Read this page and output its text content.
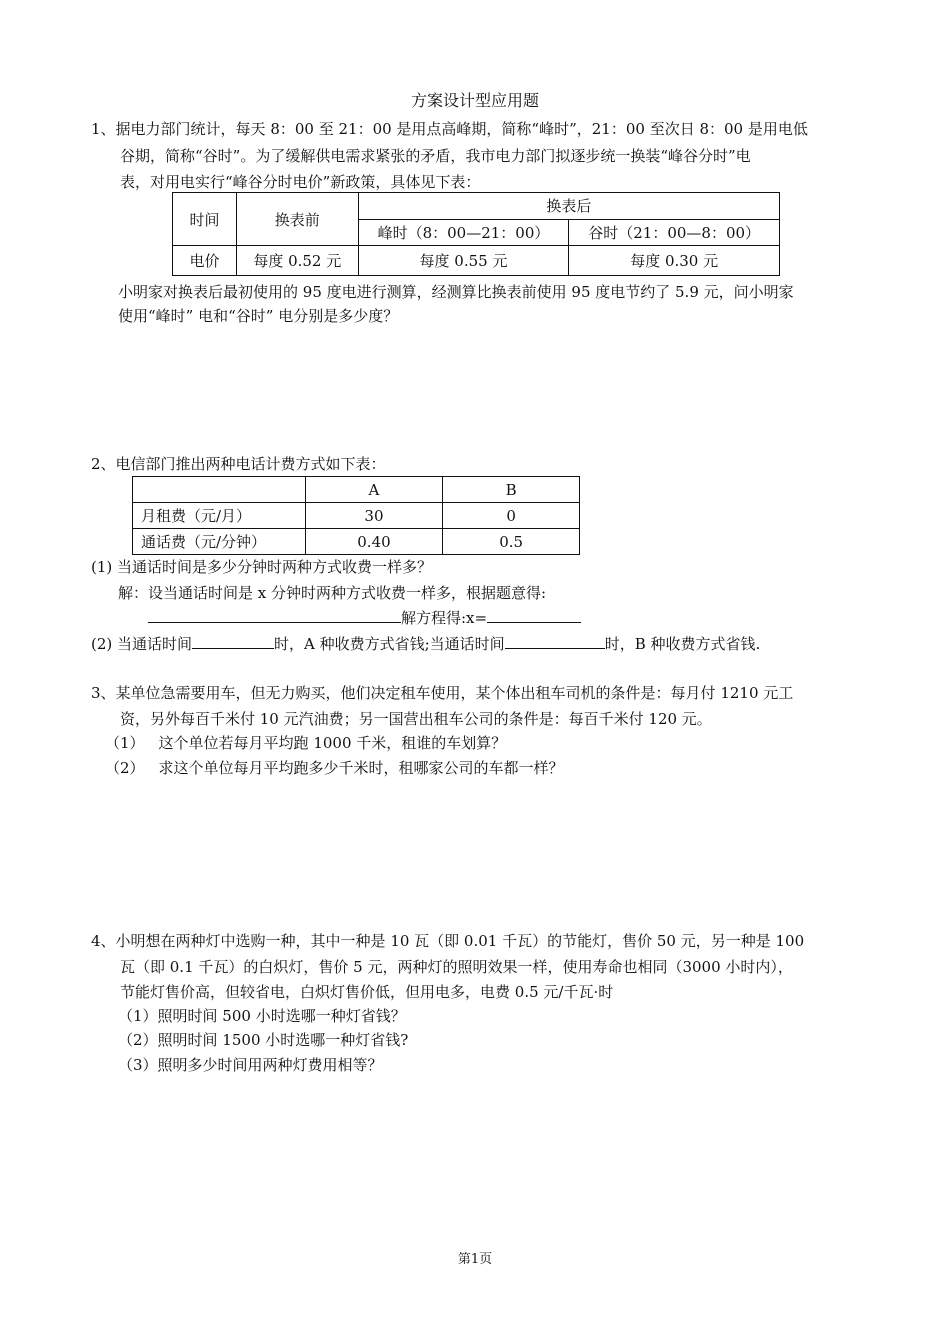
方案设计型应用题
1、据电力部门统计，每天 8：00 至 21：00 是用点高峰期，简称“峰时”，21：00 至次日 8：00 是用电低
谷期，简称“谷时”。为了缓解供电需求紧张的矛盾，我市电力部门拟逐步统一换装“峰谷分时”电
表，对用电实行“峰谷分时电价”新政策，具体见下表：
时间	换表前	换表后	
		峰时（8：00—21：00）	谷时（21：00—8：00）
电价	每度 0.52 元	每度 0.55 元	每度 0.30 元
小明家对换表后最初使用的 95 度电进行测算，经测算比换表前使用 95 度电节约了 5.9 元，问小明家
使用“峰时” 电和“谷时” 电分别是多少度？
2、电信部门推出两种电话计费方式如下表：
	A	B
月租费（元/月）	30	0
通话费（元/分钟）	0.40	0.5
(1) 当通话时间是多少分钟时两种方式收费一样多？
解：设当通话时间是 x 分钟时两种方式收费一样多，根据题意得:
解方程得:x=
(2) 当通话时间	时，A 种收费方式省钱;当通话时间	时，B 种收费方式省钱.
3、某单位急需要用车，但无力购买，他们决定租车使用，某个体出租车司机的条件是：每月付 1210 元工
资，另外每百千米付 10 元汽油费；另一国营出租车公司的条件是：每百千米付 120 元。
（1） 这个单位若每月平均跑 1000 千米，租谁的车划算？
（2） 求这个单位每月平均跑多少千米时，租哪家公司的车都一样？
4、小明想在两种灯中选购一种，其中一种是 10 瓦（即 0.01 千瓦）的节能灯，售价 50 元，另一种是 100
瓦（即 0.1 千瓦）的白炽灯，售价 5 元，两种灯的照明效果一样，使用寿命也相同（3000 小时内），
节能灯售价高，但较省电，白炽灯售价低，但用电多，电费 0.5 元/千瓦·时
（1）照明时间 500 小时选哪一种灯省钱？
（2）照明时间 1500 小时选哪一种灯省钱?
（3）照明多少时间用两种灯费用相等？
第1页
